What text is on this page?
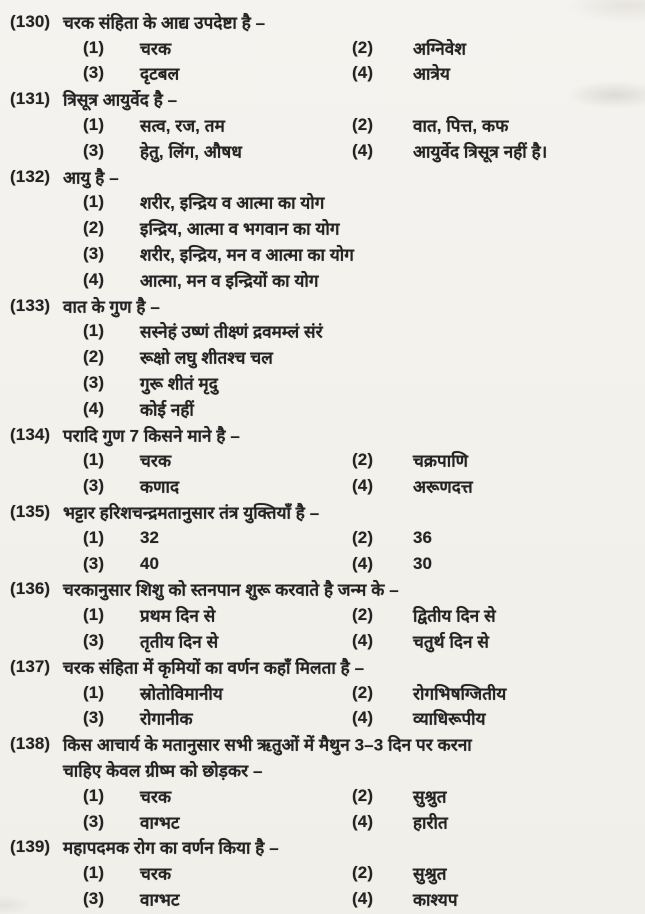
(130) चरक संहिता के आद्य उपदेष्टा है –
(1) चरक	(2) अग्निवेश
(3) दृटबल	(4) आत्रेय
(131) त्रिसूत्र आयुर्वेद है –
(1) सत्व, रज, तम	(2) वात, पित्त, कफ
(3) हेतु, लिंग, औषध	(4) आयुर्वेद त्रिसूत्र नहीं है।
(132) आयु है –
(1) शरीर, इन्द्रिय व आत्मा का योग
(2) इन्द्रिय, आत्मा व भगवान का योग
(3) शरीर, इन्द्रिय, मन व आत्मा का योग
(4) आत्मा, मन व इन्द्रियों का योग
(133) वात के गुण है –
(1) सस्नेहं उष्णं तीक्ष्णं द्रवमम्लं संरं
(2) रूक्षो लघु शीतश्च चल
(3) गुरू शीतं मृदु
(4) कोई नहीं
(134) परादि गुण 7 किसने माने है –
(1) चरक	(2) चक्रपाणि
(3) कणाद	(4) अरूणदत्त
(135) भट्टार हरिशचन्द्रमतानुसार तंत्र युक्तियाँ है –
(1) 32	(2) 36
(3) 40	(4) 30
(136) चरकानुसार शिशु को स्तनपान शुरू करवाते है जन्म के –
(1) प्रथम दिन से	(2) द्वितीय दिन से
(3) तृतीय दिन से	(4) चतुर्थ दिन से
(137) चरक संहिता में कृमियों का वर्णन कहाँ मिलता है –
(1) स्रोतोविमानीय	(2) रोगभिषग्जितीय
(3) रोगानीक	(4) व्याधिरूपीय
(138) किस आचार्य के मतानुसार सभी ऋतुओं में मैथुन 3–3 दिन पर करना
चाहिए केवल ग्रीष्म को छोड़कर –
(1) चरक	(2) सुश्रुत
(3) वाग्भट	(4) हारीत
(139) महापदमक रोग का वर्णन किया है –
(1) चरक	(2) सुश्रुत
(3) वाग्भट	(4) काश्यप
